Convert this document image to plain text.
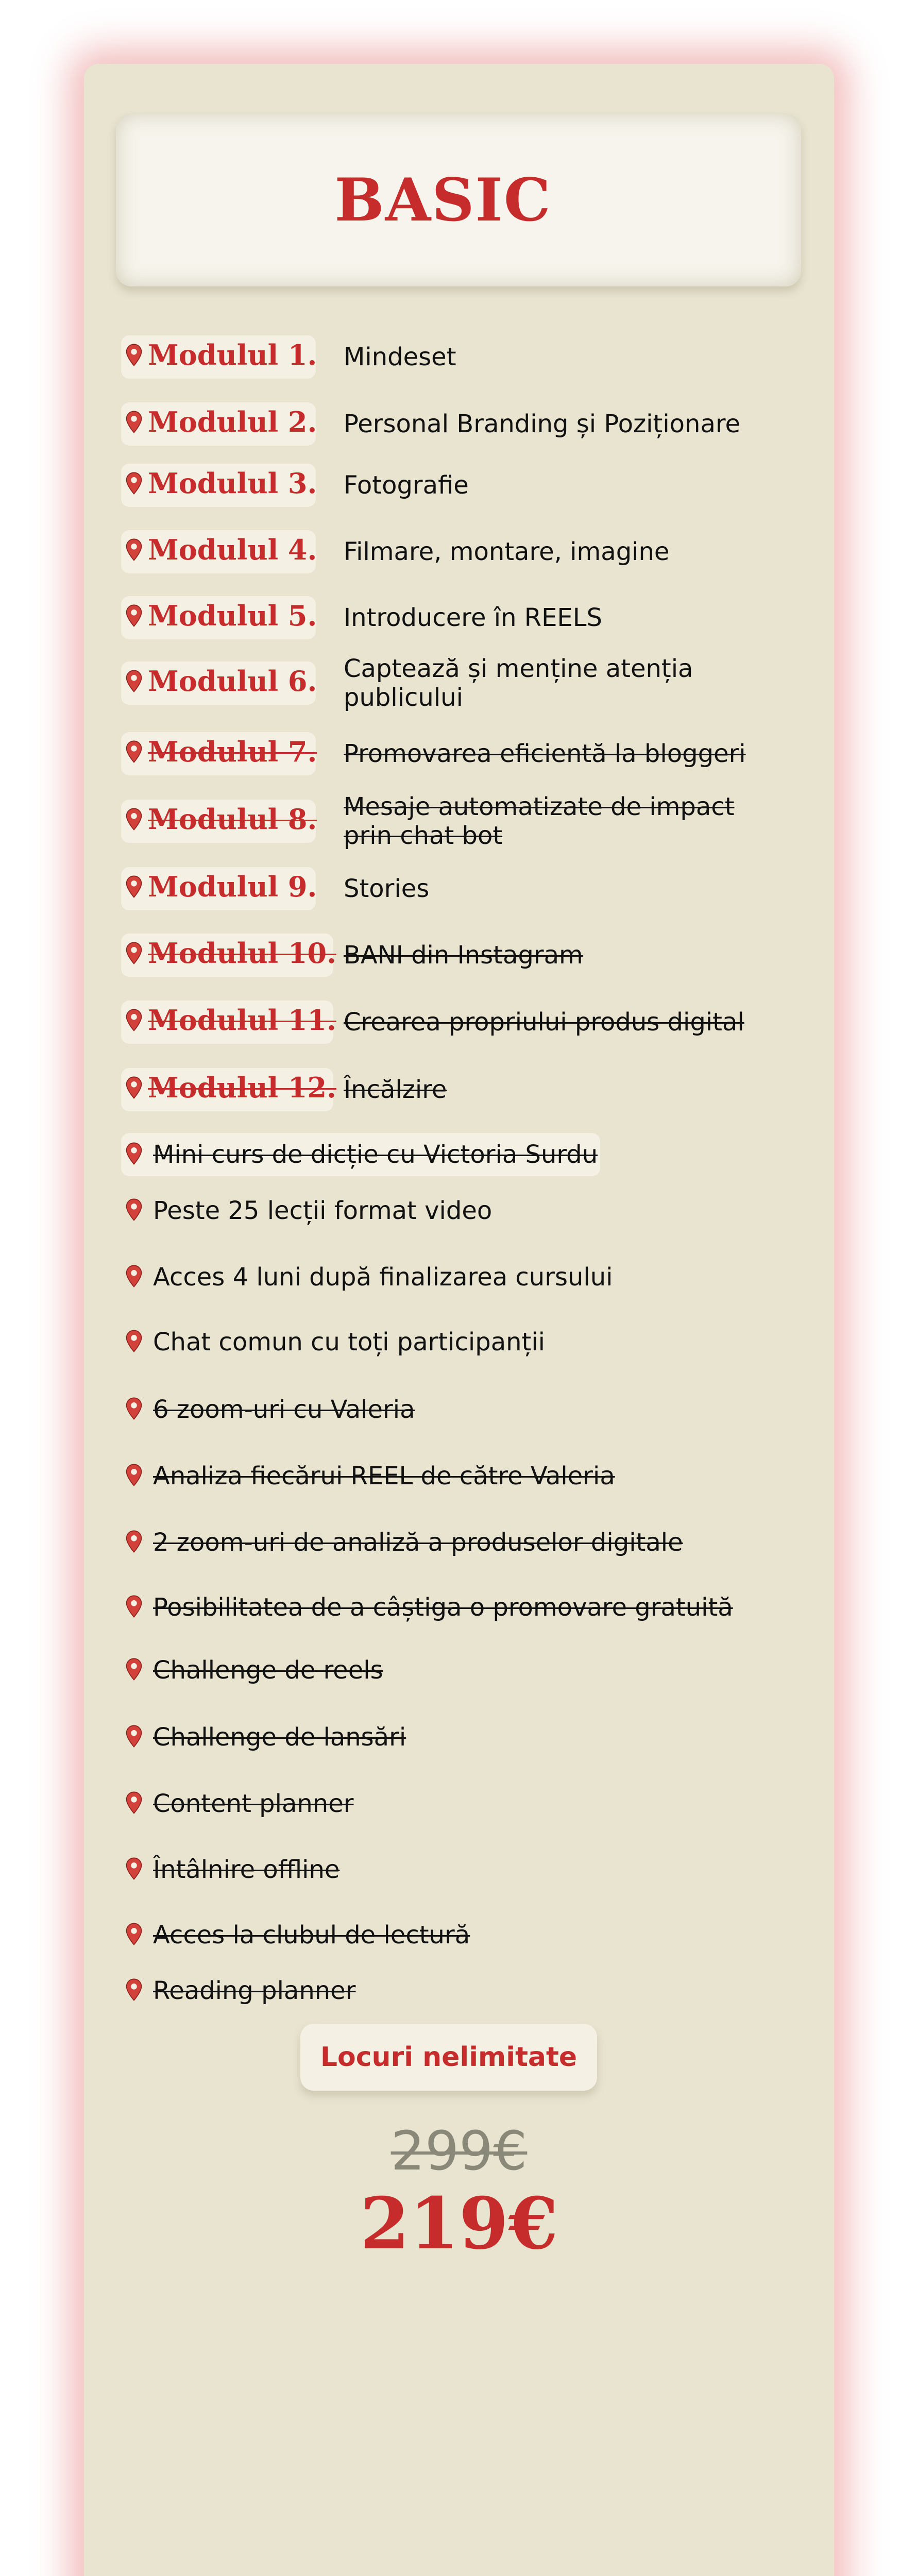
BASIC
Modulul 1. Mindeset
Modulul 2. Personal Branding și Poziționare
Modulul 3. Fotografie
Modulul 4. Filmare, montare, imagine
Modulul 5. Introducere în REELS
Modulul 6. Captează și menține atenția publicului
Modulul 7. Promovarea eficientă la bloggeri
Modulul 8. Mesaje automatizate de impact prin chat bot
Modulul 9. Stories
Modulul 10. BANI din Instagram
Modulul 11. Crearea propriului produs digital
Modulul 12. Încălzire
Mini curs de dicție cu Victoria Surdu
Peste 25 lecții format video
Acces 4 luni după finalizarea cursului
Chat comun cu toți participanții
6 zoom-uri cu Valeria
Analiza fiecărui REEL de către Valeria
2 zoom-uri de analiză a produselor digitale
Posibilitatea de a câștiga o promovare gratuită
Challenge de reels
Challenge de lansări
Content planner
Întâlnire offline
Acces la clubul de lectură
Reading planner
Locuri nelimitate
299€
219€
